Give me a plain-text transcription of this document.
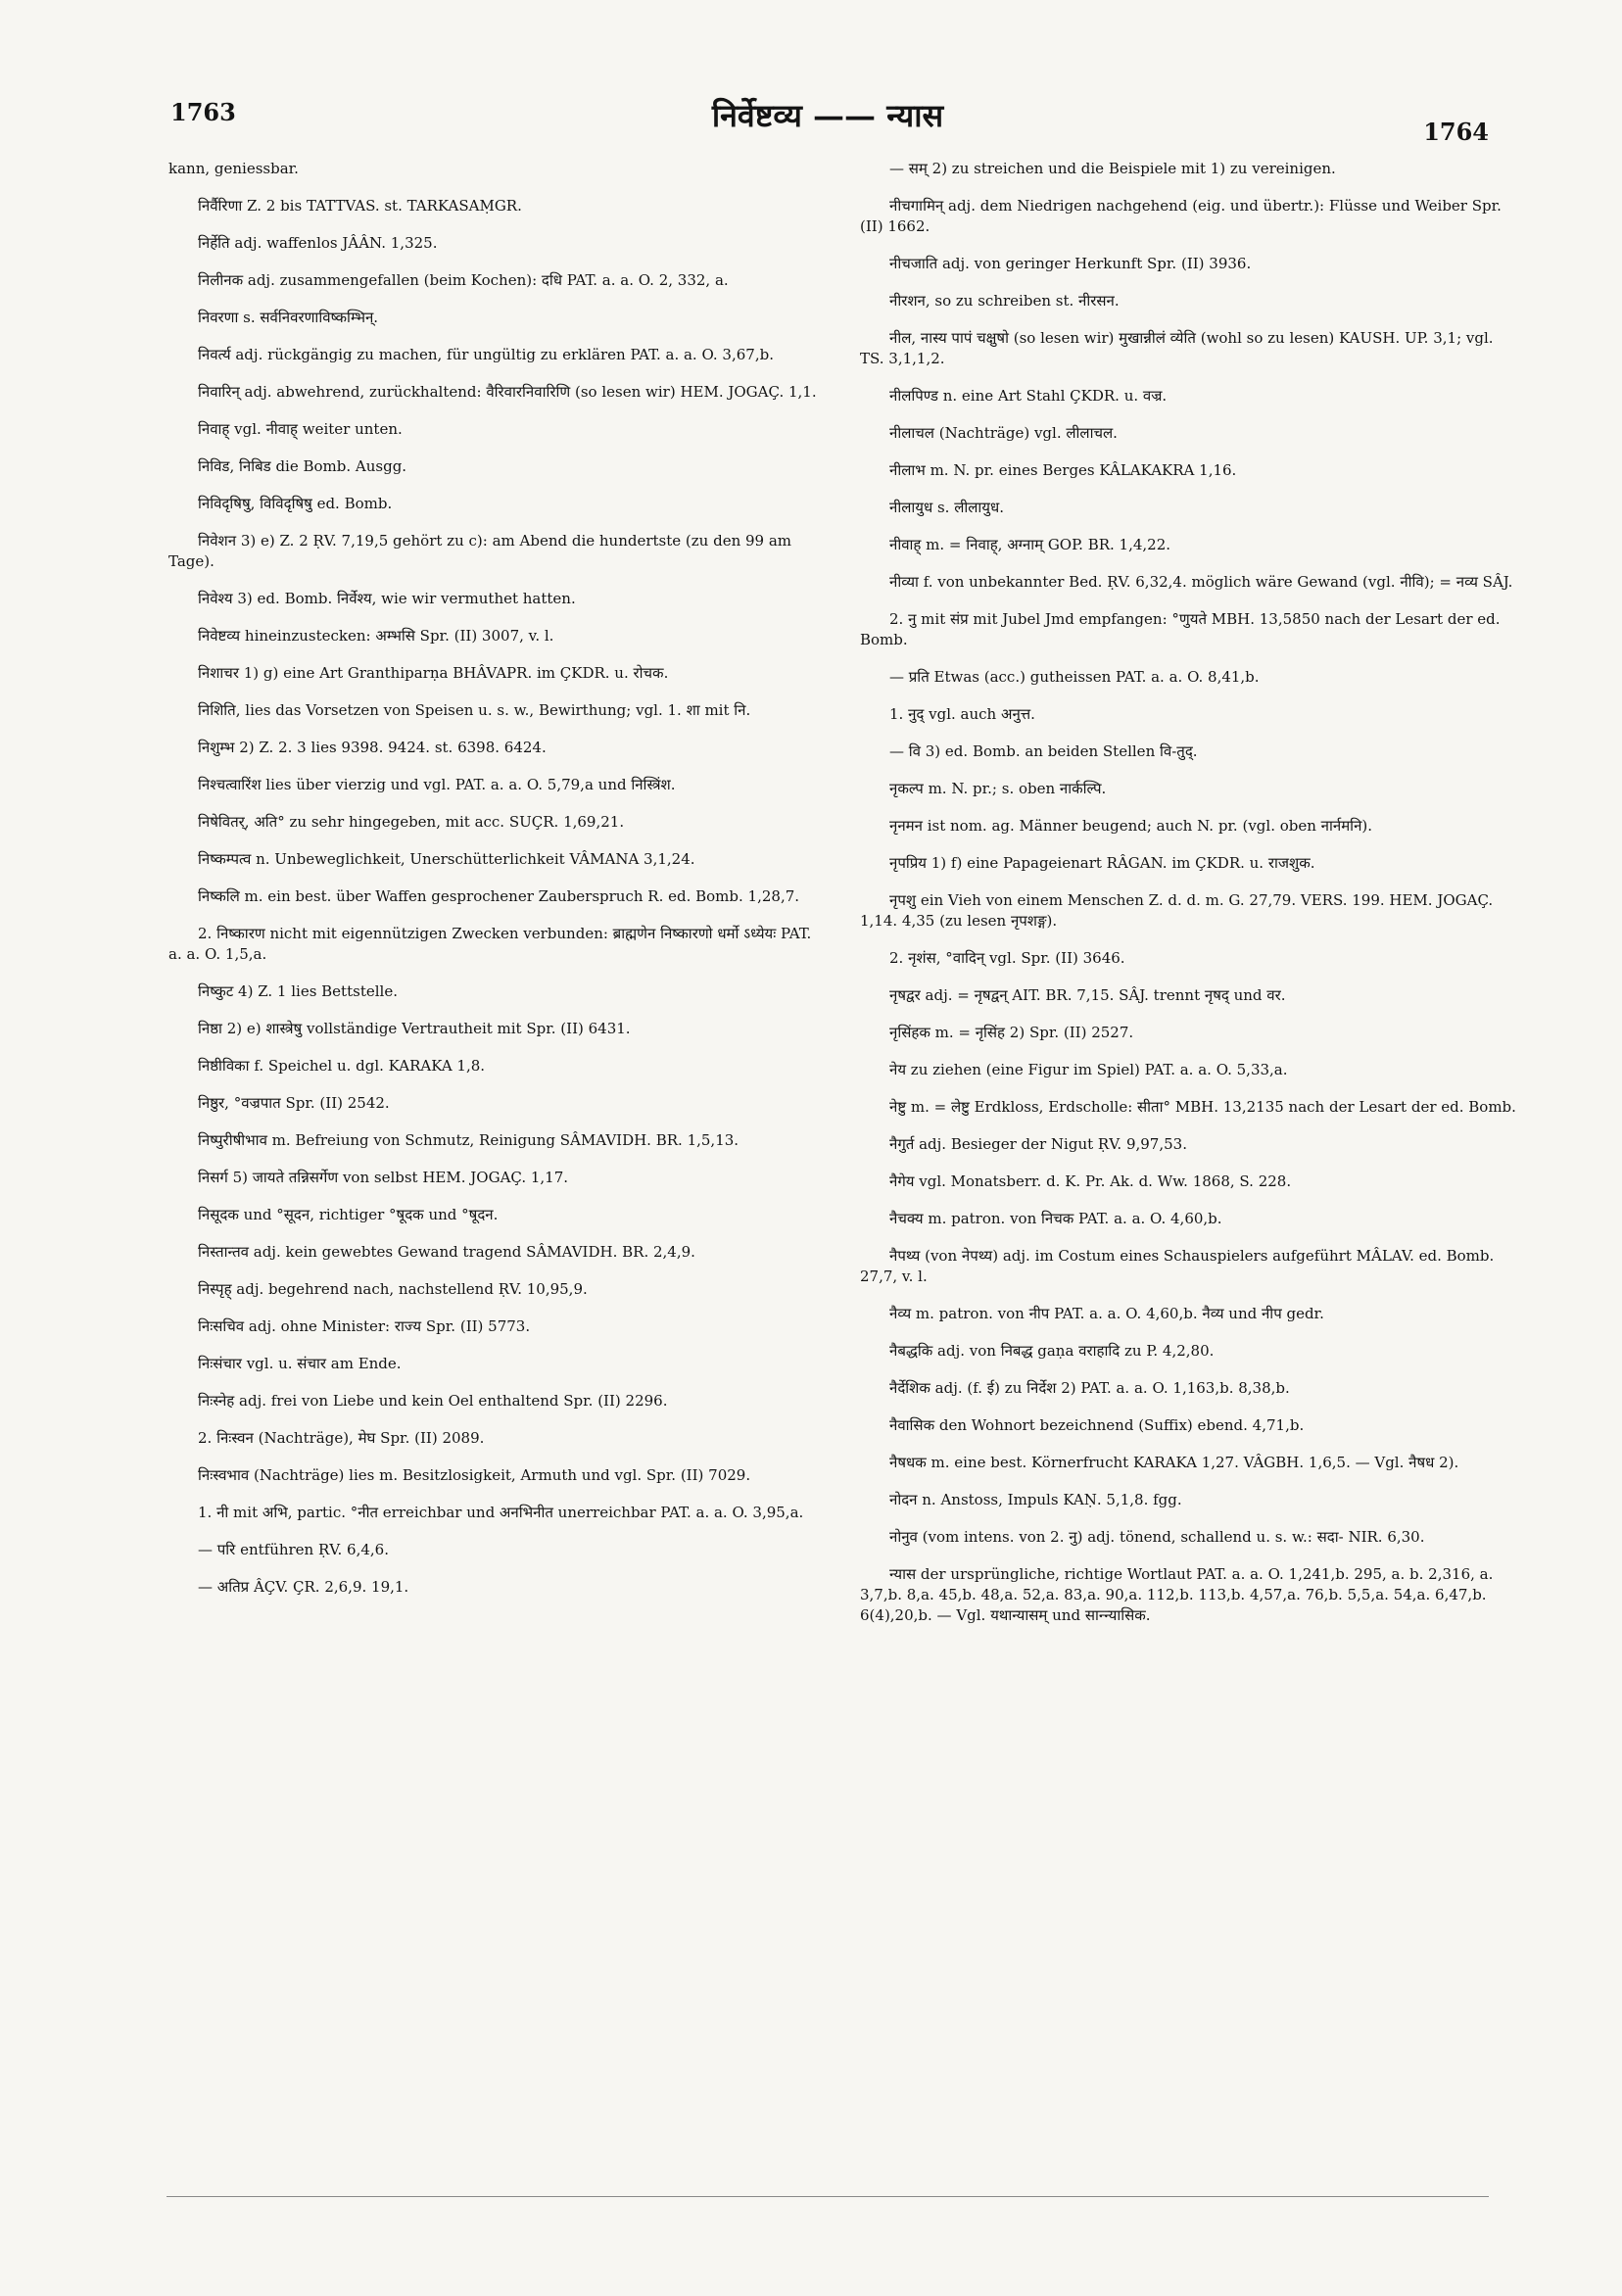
1763	निर्वेष्टव्य —— न्यास	1764

kann, geniessbar.

निर्वैरिणा Z. 2 bis TATTVAS. st. TARKASAṂGR.

निर्हेति adj. waffenlos JÂÂN. 1,325.

निलीनक adj. zusammengefallen (beim Kochen): दधि PAT. a. a. O. 2, 332, a.

निवरणा s. सर्वनिवरणाविष्कम्भिन्.

निवर्त्य adj. rückgängig zu machen, für ungültig zu erklären PAT. a. a. O. 3,67,b.

निवारिन् adj. abwehrend, zurückhaltend: वैरिवारनिवारिणि (so lesen wir) HEM. JOGAÇ. 1,1.

निवाह् vgl. नीवाह् weiter unten.

निविड, निबिड die Bomb. Ausgg.

निविदृषिषु, विविदृषिषु ed. Bomb.

निवेशन 3) e) Z. 2 ṚV. 7,19,5 gehört zu c): am Abend die hundertste (zu den 99 am Tage).

निवेश्य 3) ed. Bomb. निर्वेश्य, wie wir vermuthet hatten.

निवेष्टव्य hineinzustecken: अम्भसि Spr. (II) 3007, v. l.

निशाचर 1) g) eine Art Granthiparṇa BHÂVAPR. im ÇKDR. u. रोचक.

निशिति, lies das Vorsetzen von Speisen u. s. w., Bewirthung; vgl. 1. शा mit नि.

निशुम्भ 2) Z. 2. 3 lies 9398. 9424. st. 6398. 6424.

निश्चत्वारिंश lies über vierzig und vgl. PAT. a. a. O. 5,79,a und निस्त्रिंश.

निषेवितर्, अति° zu sehr hingegeben, mit acc. SUÇR. 1,69,21.

निष्कम्पत्व n. Unbeweglichkeit, Unerschütterlichkeit VÂMANA 3,1,24.

निष्कलि m. ein best. über Waffen gesprochener Zauberspruch R. ed. Bomb. 1,28,7.

2. निष्कारण nicht mit eigennützigen Zwecken verbunden: ब्राह्मणेन निष्कारणो धर्मो ऽध्येयः PAT. a. a. O. 1,5,a.

निष्कुट 4) Z. 1 lies Bettstelle.

निष्ठा 2) e) शास्त्रेषु vollständige Vertrautheit mit Spr. (II) 6431.

निष्ठीविका f. Speichel u. dgl. KARAKA 1,8.

निष्ठुर, °वज्रपात Spr. (II) 2542.

निष्पुरीषीभाव m. Befreiung von Schmutz, Reinigung SÂMAVIDH. BR. 1,5,13.

निसर्ग 5) जायते तन्निसर्गेण von selbst HEM. JOGAÇ. 1,17.

निसूदक und °सूदन, richtiger °षूदक und °षूदन.

निस्तान्तव adj. kein gewebtes Gewand tragend SÂMAVIDH. BR. 2,4,9.

निस्पृह् adj. begehrend nach, nachstellend ṚV. 10,95,9.

निःसचिव adj. ohne Minister: राज्य Spr. (II) 5773.

निःसंचार vgl. u. संचार am Ende.

निःस्नेह adj. frei von Liebe und kein Oel enthaltend Spr. (II) 2296.

2. निःस्वन (Nachträge), मेघ Spr. (II) 2089.

निःस्वभाव (Nachträge) lies m. Besitzlosigkeit, Armuth und vgl. Spr. (II) 7029.

1. नी mit अभि, partic. °नीत erreichbar und अनभिनीत unerreichbar PAT. a. a. O. 3,95,a.

— परि entführen ṚV. 6,4,6.

— अतिप्र ÂÇV. ÇR. 2,6,9. 19,1.

— सम् 2) zu streichen und die Beispiele mit 1) zu vereinigen.

नीचगामिन् adj. dem Niedrigen nachgehend (eig. und übertr.): Flüsse und Weiber Spr. (II) 1662.

नीचजाति adj. von geringer Herkunft Spr. (II) 3936.

नीरशन, so zu schreiben st. नीरसन.

नील, नास्य पापं चक्षुषो (so lesen wir) मुखान्नीलं व्येति (wohl so zu lesen) KAUSH. UP. 3,1; vgl. TS. 3,1,1,2.

नीलपिण्ड n. eine Art Stahl ÇKDR. u. वज्र.

नीलाचल (Nachträge) vgl. लीलाचल.

नीलाभ m. N. pr. eines Berges KÂLAKAKRA 1,16.

नीलायुध s. लीलायुध.

नीवाह् m. = निवाह्, अग्नाम् GOP. BR. 1,4,22.

नीव्या f. von unbekannter Bed. ṚV. 6,32,4. möglich wäre Gewand (vgl. नीवि); = नव्य SÂJ.

2. नु mit संप्र mit Jubel Jmd empfangen: °णुयते MBH. 13,5850 nach der Lesart der ed. Bomb.

— प्रति Etwas (acc.) gutheissen PAT. a. a. O. 8,41,b.

1. नुद् vgl. auch अनुत्त.

— वि 3) ed. Bomb. an beiden Stellen वि-तुद्.

नृकल्प m. N. pr.; s. oben नार्कल्पि.

नृनमन ist nom. ag. Männer beugend; auch N. pr. (vgl. oben नार्नमनि).

नृपप्रिय 1) f) eine Papageienart RÂGAN. im ÇKDR. u. राजशुक.

नृपशु ein Vieh von einem Menschen Z. d. d. m. G. 27,79. VERS. 199. HEM. JOGAÇ. 1,14. 4,35 (zu lesen नृपशङ्ग).

2. नृशंस, °वादिन् vgl. Spr. (II) 3646.

नृषद्वर adj. = नृषद्वन् AIT. BR. 7,15. SÂJ. trennt नृषद् und वर.

नृसिंहक m. = नृसिंह 2) Spr. (II) 2527.

नेय zu ziehen (eine Figur im Spiel) PAT. a. a. O. 5,33,a.

नेष्टु m. = लेष्टु Erdkloss, Erdscholle: सीता° MBH. 13,2135 nach der Lesart der ed. Bomb.

नैगुर्त adj. Besieger der Nigut ṚV. 9,97,53.

नैगेय vgl. Monatsberr. d. K. Pr. Ak. d. Ww. 1868, S. 228.

नैचक्य m. patron. von निचक PAT. a. a. O. 4,60,b.

नैपथ्य (von नेपथ्य) adj. im Costum eines Schauspielers aufgeführt MÂLAV. ed. Bomb. 27,7, v. l.

नैव्य m. patron. von नीप PAT. a. a. O. 4,60,b. नैव्य und नीप gedr.

नैबद्धकि adj. von निबद्ध gaṇa वराहादि zu P. 4,2,80.

नैर्देशिक adj. (f. ई) zu निर्देश 2) PAT. a. a. O. 1,163,b. 8,38,b.

नैवासिक den Wohnort bezeichnend (Suffix) ebend. 4,71,b.

नैषधक m. eine best. Körnerfrucht KARAKA 1,27. VÂGBH. 1,6,5. — Vgl. नैषध 2).

नोदन n. Anstoss, Impuls KAṆ. 5,1,8. fgg.

नोनुव (vom intens. von 2. नु) adj. tönend, schallend u. s. w.: सदा- NIR. 6,30.

न्यास der ursprüngliche, richtige Wortlaut PAT. a. a. O. 1,241,b. 295, a. b. 2,316, a. 3,7,b. 8,a. 45,b. 48,a. 52,a. 83,a. 90,a. 112,b. 113,b. 4,57,a. 76,b. 5,5,a. 54,a. 6,47,b. 6(4),20,b. — Vgl. यथान्यासम् und सान्न्यासिक.
